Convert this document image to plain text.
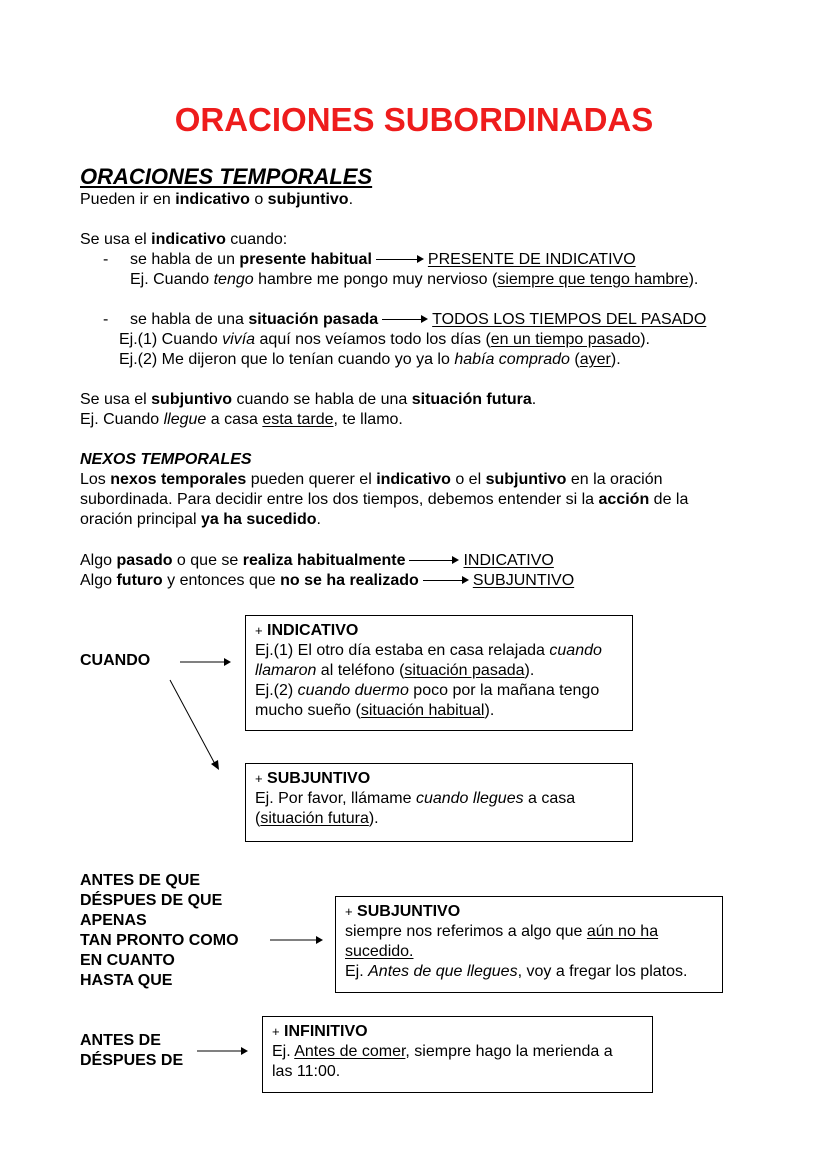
ORACIONES SUBORDINADAS
ORACIONES TEMPORALES
Pueden ir en indicativo o subjuntivo.
Se usa el indicativo cuando:
- se habla de un presente habitual	PRESENTE DE INDICATIVO
Ej. Cuando tengo hambre me pongo muy nervioso (siempre que tengo hambre).
- se habla de una situación pasada	TODOS LOS TIEMPOS DEL PASADO
Ej.(1) Cuando vivía aquí nos veíamos todo los días (en un tiempo pasado).
Ej.(2) Me dijeron que lo tenían cuando yo ya lo había comprado (ayer).
Se usa el subjuntivo cuando se habla de una situación futura.
Ej. Cuando llegue a casa esta tarde, te llamo.
NEXOS TEMPORALES
Los nexos temporales pueden querer el indicativo o el subjuntivo en la oración
subordinada. Para decidir entre los dos tiempos, debemos entender si la acción de la
oración principal ya ha sucedido.
Algo pasado o que se realiza habitualmente	INDICATIVO
Algo futuro y entonces que no se ha realizado	SUBJUNTIVO
CUANDO
+ INDICATIVO
Ej.(1) El otro día estaba en casa relajada cuando
llamaron al teléfono (situación pasada).
Ej.(2) cuando duermo poco por la mañana tengo
mucho sueño (situación habitual).
+ SUBJUNTIVO
Ej. Por favor, llámame cuando llegues a casa
(situación futura).
ANTES DE QUE
DÉSPUES DE QUE
APENAS
TAN PRONTO COMO
EN CUANTO
HASTA QUE
+ SUBJUNTIVO
siempre nos referimos a algo que aún no ha
sucedido.
Ej. Antes de que llegues, voy a fregar los platos.
ANTES DE
DÉSPUES DE
+ INFINITIVO
Ej. Antes de comer, siempre hago la merienda a
las 11:00.
